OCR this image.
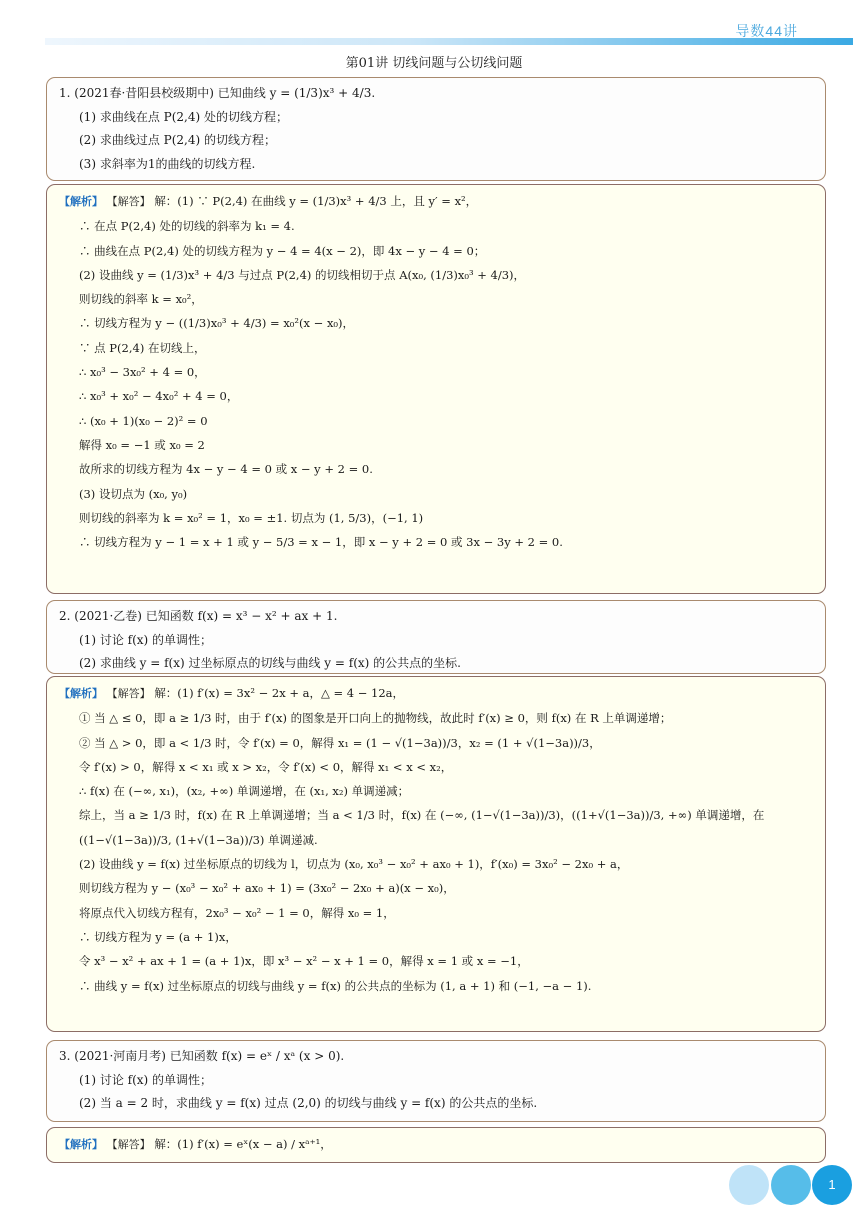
导数44讲
第01讲 切线问题与公切线问题
1. (2021春·昔阳县校级期中) 已知曲线 y = (1/3)x³ + 4/3.
(1) 求曲线在点 P(2,4) 处的切线方程；
(2) 求曲线过点 P(2,4) 的切线方程；
(3) 求斜率为1的曲线的切线方程.
【解析】 【解答】 解：(1) ∵ P(2,4) 在曲线 y = (1/3)x³ + 4/3 上，且 y′ = x²，
∴ 在点 P(2,4) 处的切线的斜率为 k₁ = 4.
∴ 曲线在点 P(2,4) 处的切线方程为 y − 4 = 4(x − 2)，即 4x − y − 4 = 0；
(2) 设曲线 y = (1/3)x³ + 4/3 与过点 P(2,4) 的切线相切于点 A(x₀, (1/3)x₀³ + 4/3)，
则切线的斜率 k = x₀²，
∴ 切线方程为 y − ((1/3)x₀³ + 4/3) = x₀²(x − x₀)，
∵ 点 P(2,4) 在切线上，
∴ x₀³ − 3x₀² + 4 = 0，
∴ x₀³ + x₀² − 4x₀² + 4 = 0，
∴ (x₀ + 1)(x₀ − 2)² = 0
解得 x₀ = −1 或 x₀ = 2
故所求的切线方程为 4x − y − 4 = 0 或 x − y + 2 = 0.
(3) 设切点为 (x₀, y₀)
则切线的斜率为 k = x₀² = 1，x₀ = ±1. 切点为 (1, 5/3)，(−1, 1)
∴ 切线方程为 y − 1 = x + 1 或 y − 5/3 = x − 1，即 x − y + 2 = 0 或 3x − 3y + 2 = 0.
2. (2021·乙卷) 已知函数 f(x) = x³ − x² + ax + 1.
(1) 讨论 f(x) 的单调性；
(2) 求曲线 y = f(x) 过坐标原点的切线与曲线 y = f(x) 的公共点的坐标.
【解析】 【解答】 解：(1) f′(x) = 3x² − 2x + a，△ = 4 − 12a，
① 当 △ ≤ 0，即 a ≥ 1/3 时，由于 f′(x) 的图象是开口向上的抛物线，故此时 f′(x) ≥ 0，则 f(x) 在 R 上单调递增；
② 当 △ > 0，即 a < 1/3 时，令 f′(x) = 0，解得 x₁ = (1 − √(1−3a))/3，x₂ = (1 + √(1−3a))/3，
令 f′(x) > 0，解得 x < x₁ 或 x > x₂，令 f′(x) < 0，解得 x₁ < x < x₂，
∴ f(x) 在 (−∞, x₁)，(x₂, +∞) 单调递增，在 (x₁, x₂) 单调递减；
综上，当 a ≥ 1/3 时，f(x) 在 R 上单调递增；当 a < 1/3 时，f(x) 在 (−∞, (1−√(1−3a))/3)，((1+√(1−3a))/3, +∞) 单调递增，在
((1−√(1−3a))/3, (1+√(1−3a))/3) 单调递减.
(2) 设曲线 y = f(x) 过坐标原点的切线为 l，切点为 (x₀, x₀³ − x₀² + ax₀ + 1)，f′(x₀) = 3x₀² − 2x₀ + a，
则切线方程为 y − (x₀³ − x₀² + ax₀ + 1) = (3x₀² − 2x₀ + a)(x − x₀)，
将原点代入切线方程有，2x₀³ − x₀² − 1 = 0，解得 x₀ = 1，
∴ 切线方程为 y = (a + 1)x，
令 x³ − x² + ax + 1 = (a + 1)x，即 x³ − x² − x + 1 = 0，解得 x = 1 或 x = −1，
∴ 曲线 y = f(x) 过坐标原点的切线与曲线 y = f(x) 的公共点的坐标为 (1, a + 1) 和 (−1, −a − 1).
3. (2021·河南月考) 已知函数 f(x) = eˣ / xᵃ (x > 0).
(1) 讨论 f(x) 的单调性；
(2) 当 a = 2 时，求曲线 y = f(x) 过点 (2,0) 的切线与曲线 y = f(x) 的公共点的坐标.
【解析】 【解答】 解：(1) f′(x) = eˣ(x − a) / xᵃ⁺¹，
1
